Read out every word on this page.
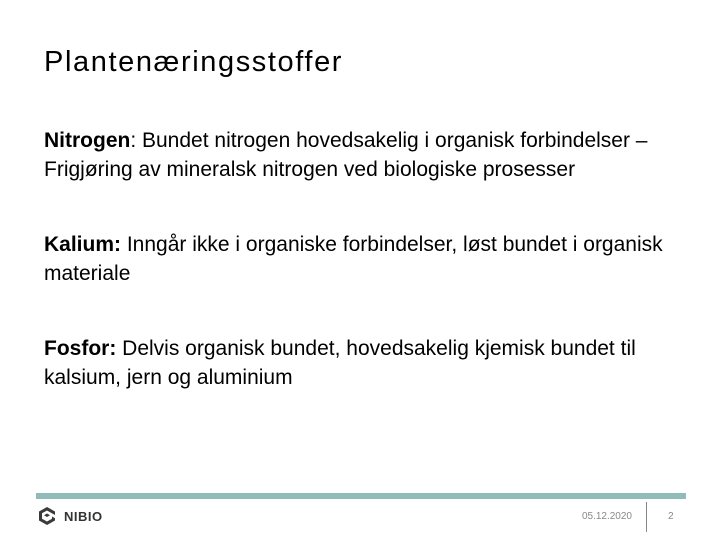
Plantenæringsstoffer

Nitrogen: Bundet nitrogen hovedsakelig i organisk forbindelser – Frigjøring av mineralsk nitrogen ved biologiske prosesser

Kalium: Inngår ikke i organiske forbindelser, løst bundet i organisk materiale

Fosfor: Delvis organisk bundet, hovedsakelig kjemisk bundet til kalsium, jern og aluminium

NIBIO	05.12.2020	2
